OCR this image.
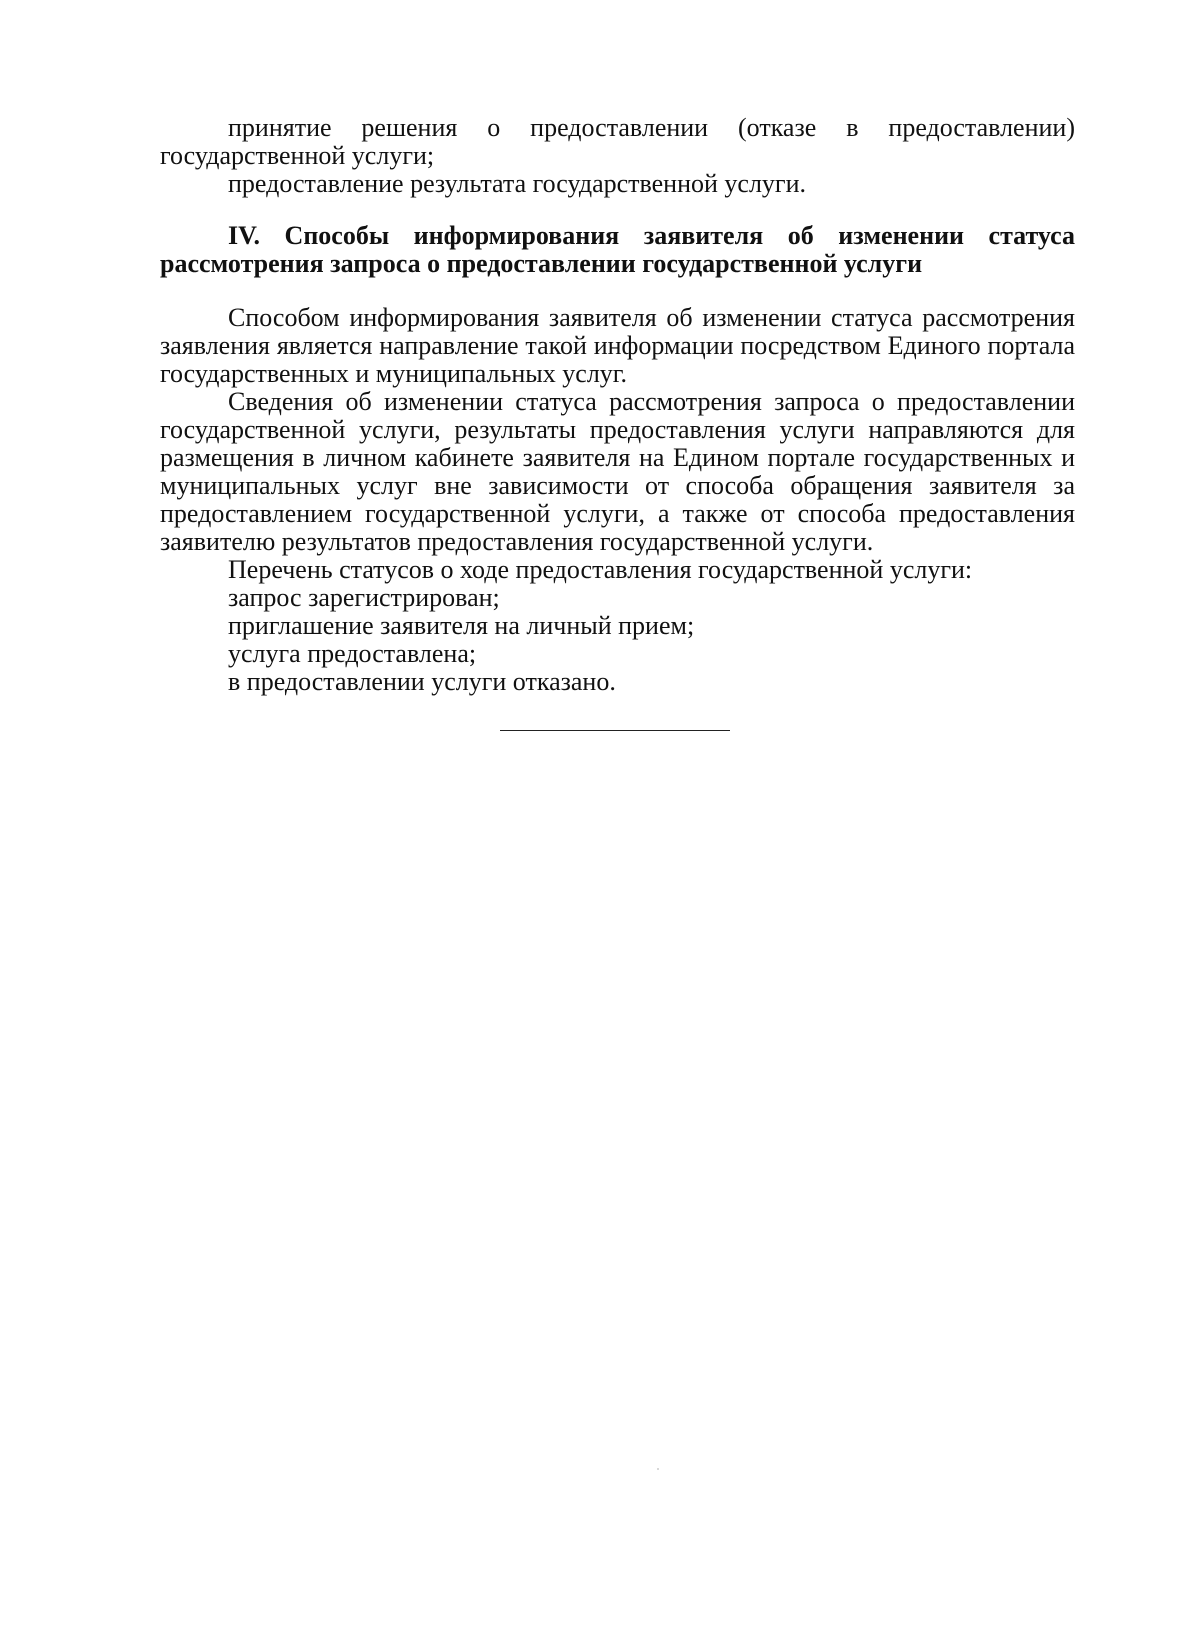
принятие решения о предоставлении (отказе в предоставлении) государственной услуги;

предоставление результата государственной услуги.

IV. Способы информирования заявителя об изменении статуса рассмотрения запроса о предоставлении государственной услуги

Способом информирования заявителя об изменении статуса рассмотрения заявления является направление такой информации посредством Единого портала государственных и муниципальных услуг.

Сведения об изменении статуса рассмотрения запроса о предоставлении государственной услуги, результаты предоставления услуги направляются для размещения в личном кабинете заявителя на Едином портале государственных и муниципальных услуг вне зависимости от способа обращения заявителя за предоставлением государственной услуги, а также от способа предоставления заявителю результатов предоставления государственной услуги.

Перечень статусов о ходе предоставления государственной услуги:

запрос зарегистрирован;

приглашение заявителя на личный прием;

услуга предоставлена;

в предоставлении услуги отказано.
